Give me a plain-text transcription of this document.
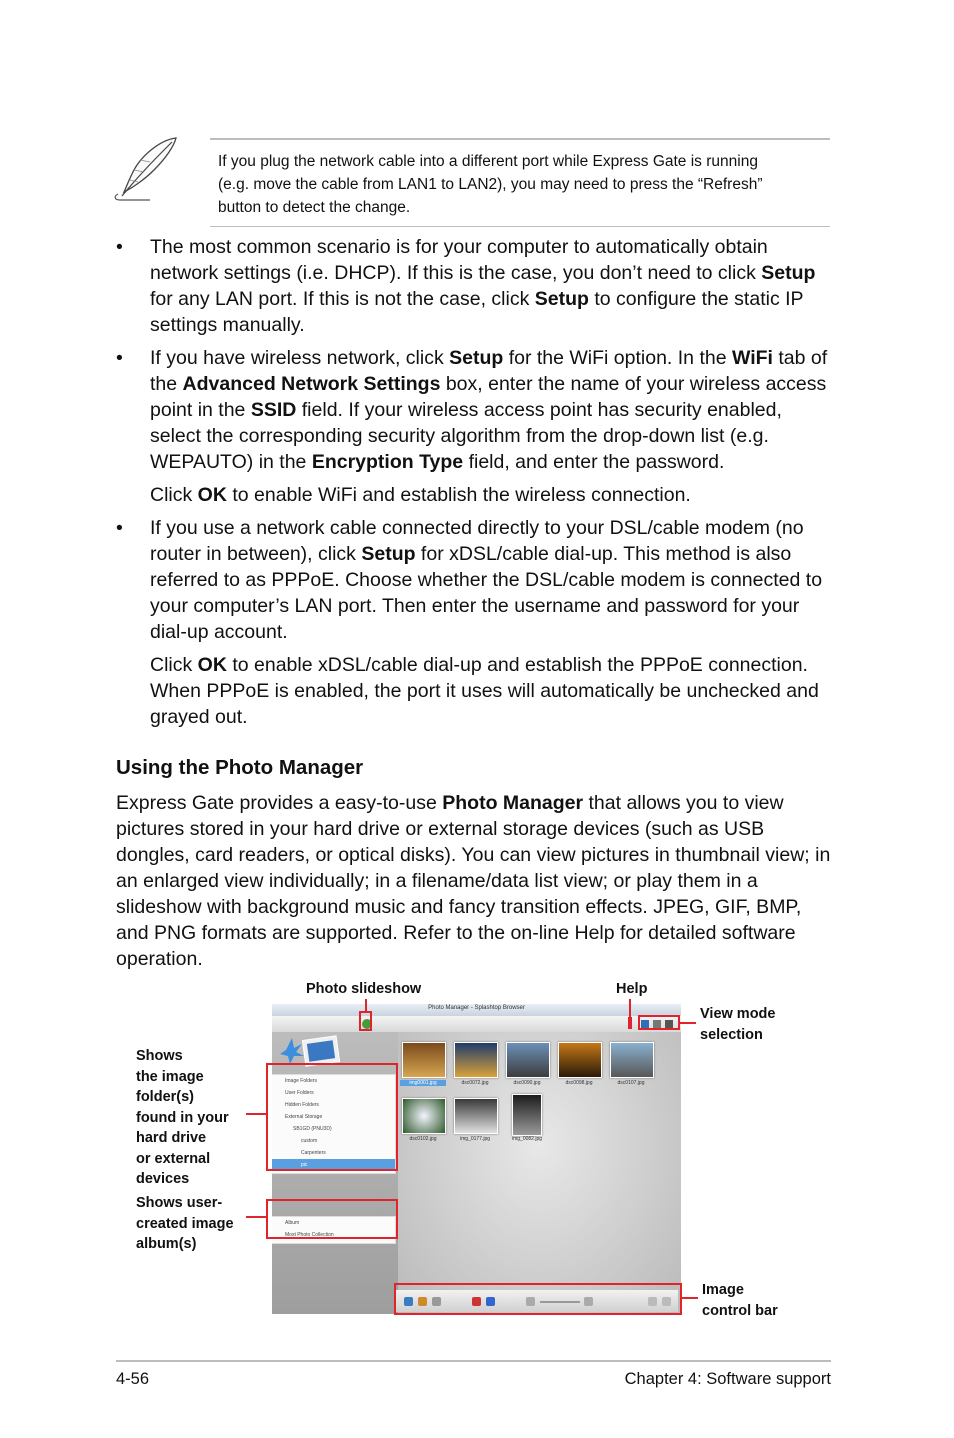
If you plug the network cable into a different port while Express Gate is running
(e.g. move the cable from LAN1 to LAN2), you may need to press the “Refresh”
button to detect the change.
• The most common scenario is for your computer to automatically obtain network settings (i.e. DHCP). If this is the case, you don’t need to click Setup for any LAN port. If this is not the case, click Setup to configure the static IP settings manually.
• If you have wireless network, click Setup for the WiFi option. In the WiFi tab of the Advanced Network Settings box, enter the name of your wireless access point in the SSID field. If your wireless access point has security enabled, select the corresponding security algorithm from the drop-down list (e.g. WEPAUTO) in the Encryption Type field, and enter the password.
Click OK to enable WiFi and establish the wireless connection.
• If you use a network cable connected directly to your DSL/cable modem (no router in between), click Setup for xDSL/cable dial-up. This method is also referred to as PPPoE. Choose whether the DSL/cable modem is connected to your computer’s LAN port. Then enter the username and password for your dial-up account.
Click OK to enable xDSL/cable dial-up and establish the PPPoE connection. When PPPoE is enabled, the port it uses will automatically be unchecked and grayed out.
Using the Photo Manager
Express Gate provides a easy-to-use Photo Manager that allows you to view pictures stored in your hard drive or external storage devices (such as USB dongles, card readers, or optical disks). You can view pictures in thumbnail view; in an enlarged view individually; in a filename/data list view; or play them in a slideshow with background music and fancy transition effects. JPEG, GIF, BMP, and PNG formats are supported. Refer to the on-line Help for detailed software operation.
Photo slideshow	Help
View mode
selection
Shows
the image
folder(s)
found in your
hard drive
or external
devices
Shows user-
created image
album(s)
Image
control bar
Photo Manager - Splashtop Browser
Image Folders
User Folders
Hidden Folders
External Storage
SB1GD (PNU3D)
custom
Carpenters
pic
Album
Most Photo Collection
img0001.jpg	dsc0072.jpg	dsc0090.jpg	dsc0098.jpg	dsc0107.jpg
dsc0102.jpg	img_0177.jpg	img_0082.jpg
4-56	Chapter 4: Software support
